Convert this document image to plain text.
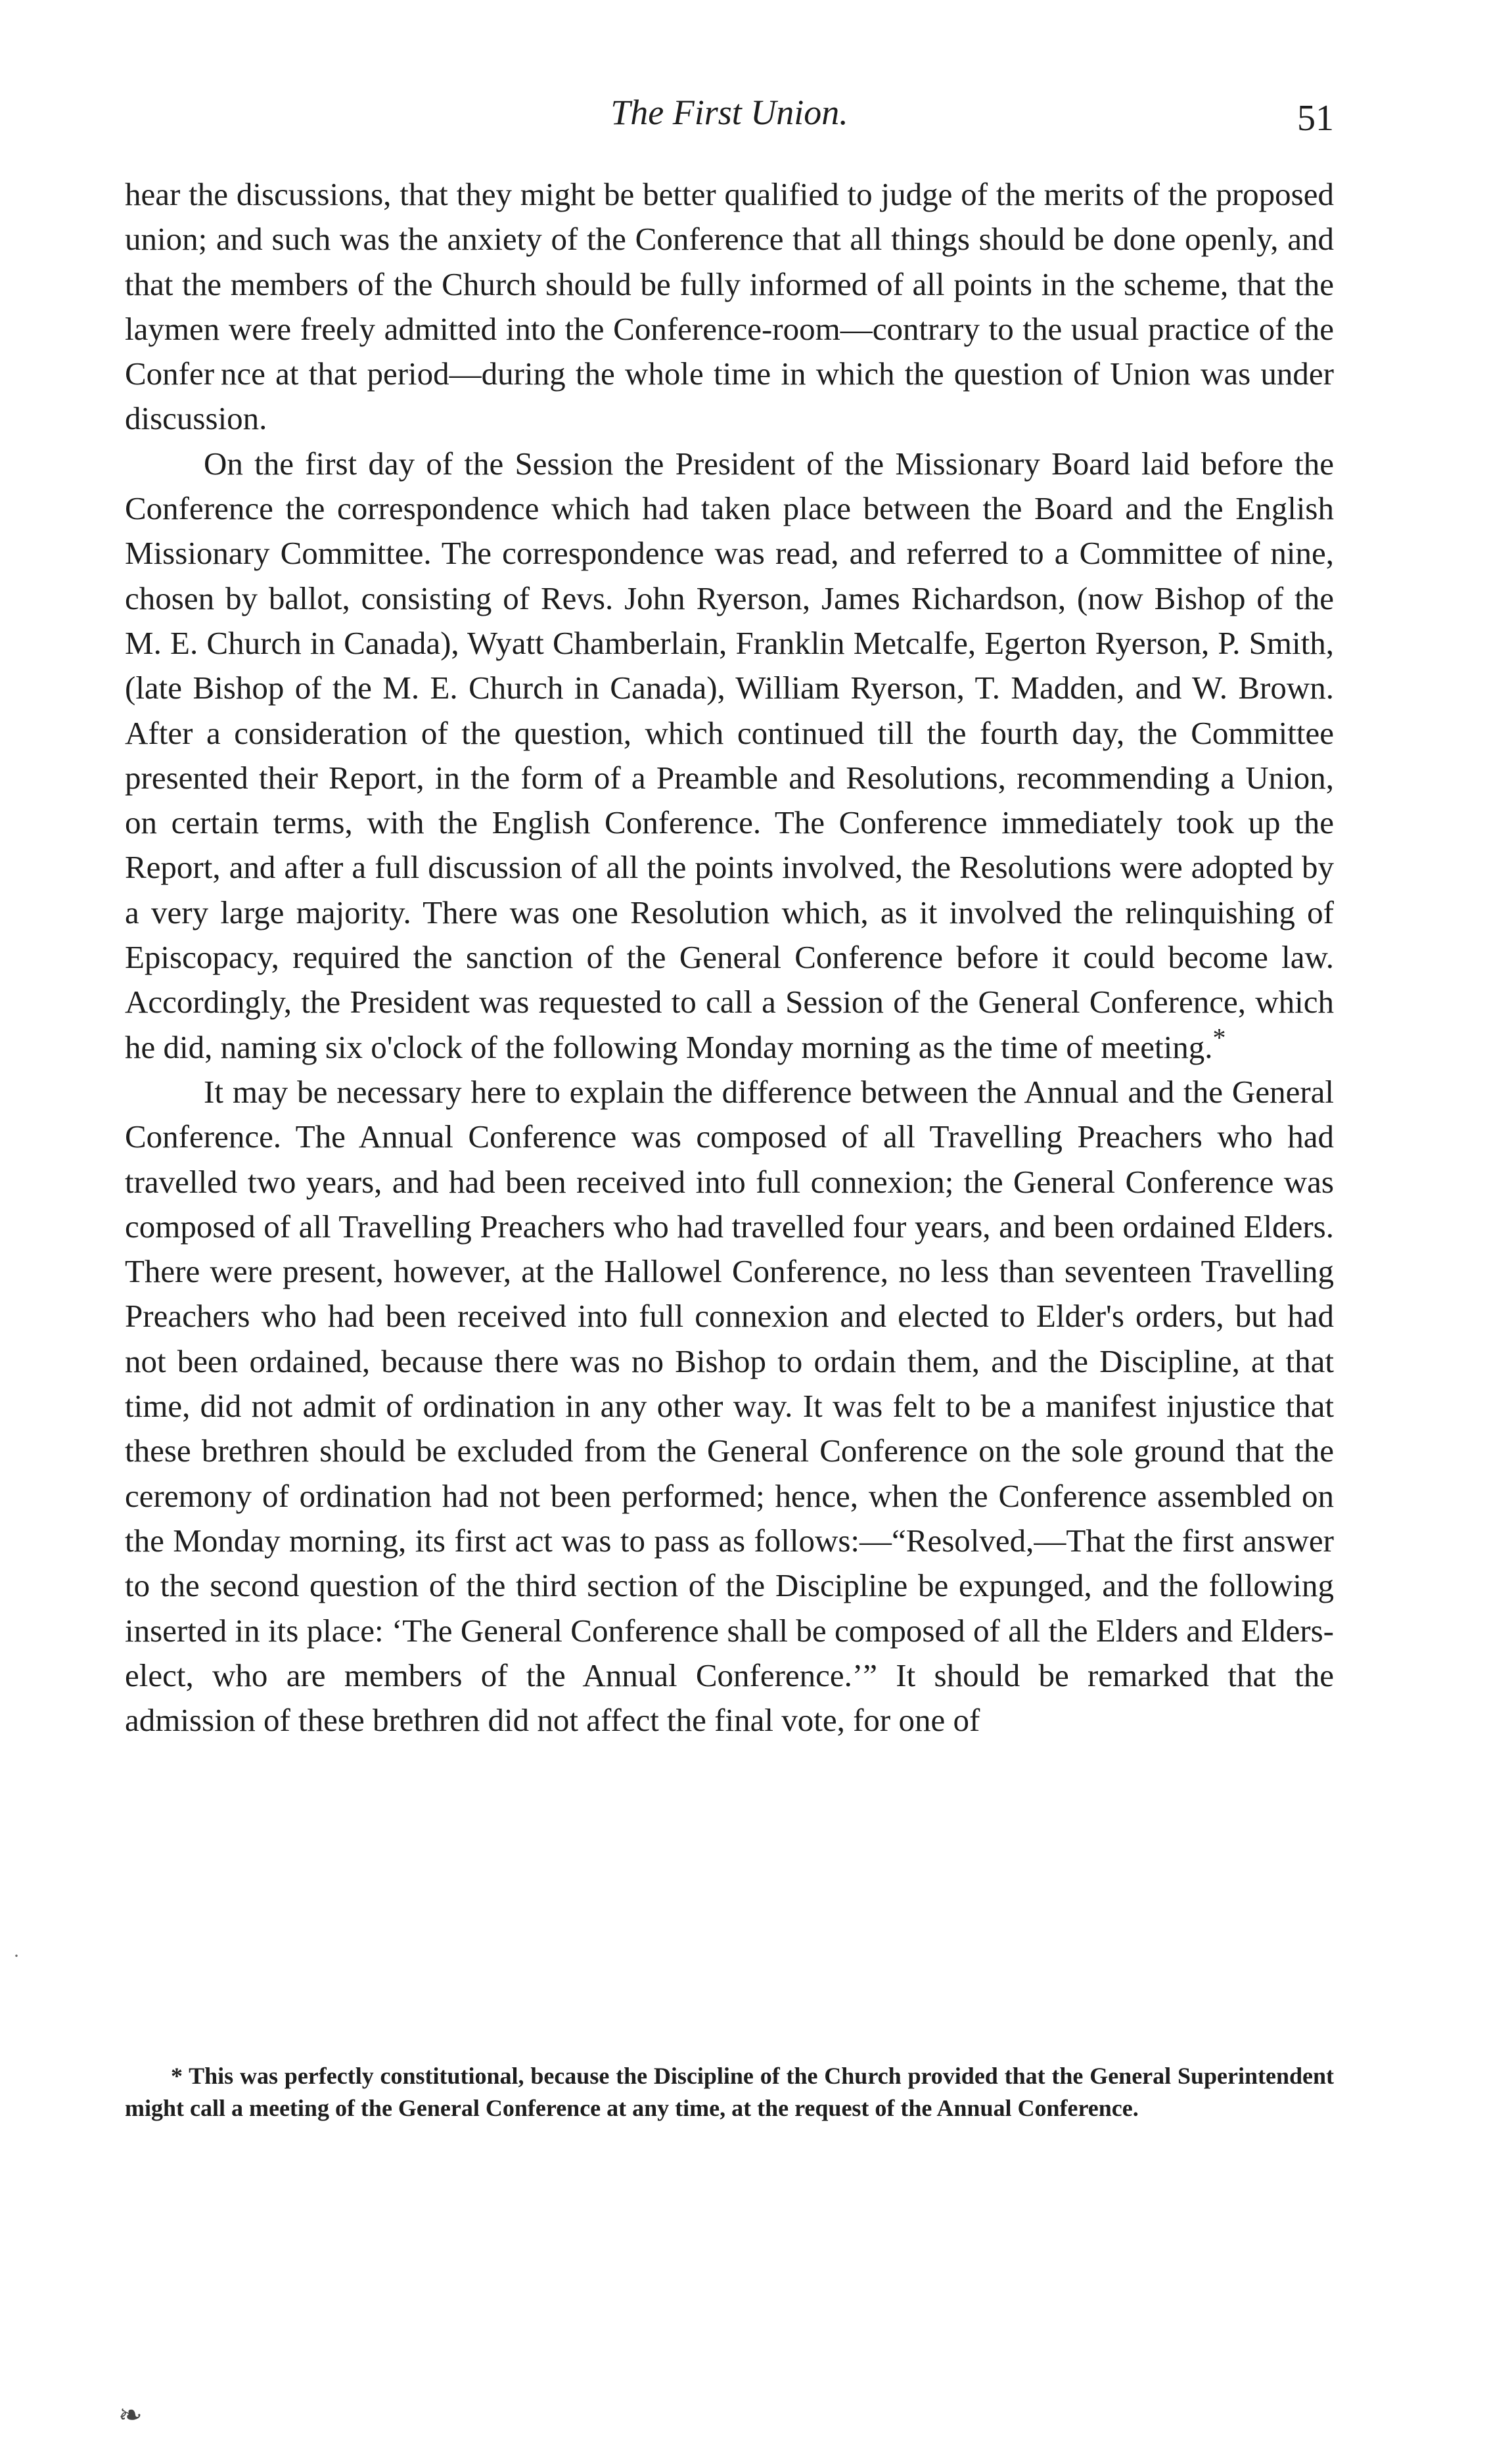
The First Union.	51

hear the discussions, that they might be better qualified to judge of the merits of the proposed union; and such was the anxiety of the Conference that all things should be done openly, and that the members of the Church should be fully informed of all points in the scheme, that the laymen were freely admitted into the Conference-room—contrary to the usual practice of the Confer nce at that period—during the whole time in which the question of Union was under discussion.

On the first day of the Session the President of the Missionary Board laid before the Conference the correspondence which had taken place between the Board and the English Missionary Committee. The correspondence was read, and referred to a Committee of nine, chosen by ballot, consisting of Revs. John Ryerson, James Richardson, (now Bishop of the M. E. Church in Canada), Wyatt Chamberlain, Franklin Metcalfe, Egerton Ryerson, P. Smith, (late Bishop of the M. E. Church in Canada), William Ryerson, T. Madden, and W. Brown. After a consideration of the question, which continued till the fourth day, the Committee presented their Report, in the form of a Preamble and Resolutions, recommending a Union, on certain terms, with the English Conference. The Conference immediately took up the Report, and after a full discussion of all the points involved, the Resolutions were adopted by a very large majority. There was one Resolution which, as it involved the relinquishing of Episcopacy, required the sanction of the General Conference before it could become law. Accordingly, the President was requested to call a Session of the General Conference, which he did, naming six o'clock of the following Monday morning as the time of meeting.*

It may be necessary here to explain the difference between the Annual and the General Conference. The Annual Conference was composed of all Travelling Preachers who had travelled two years, and had been received into full connexion; the General Conference was composed of all Travelling Preachers who had travelled four years, and been ordained Elders. There were present, however, at the Hallowel Conference, no less than seventeen Travelling Preachers who had been received into full connexion and elected to Elder's orders, but had not been ordained, because there was no Bishop to ordain them, and the Discipline, at that time, did not admit of ordination in any other way. It was felt to be a manifest injustice that these brethren should be excluded from the General Conference on the sole ground that the ceremony of ordination had not been performed; hence, when the Conference assembled on the Monday morning, its first act was to pass as follows:—“Resolved,—That the first answer to the second question of the third section of the Discipline be expunged, and the following inserted in its place: ‘The General Conference shall be composed of all the Elders and Elders-elect, who are members of the Annual Conference.’” It should be remarked that the admission of these brethren did not affect the final vote, for one of

* This was perfectly constitutional, because the Discipline of the Church provided that the General Superintendent might call a meeting of the General Conference at any time, at the request of the Annual Conference.

·
❧
